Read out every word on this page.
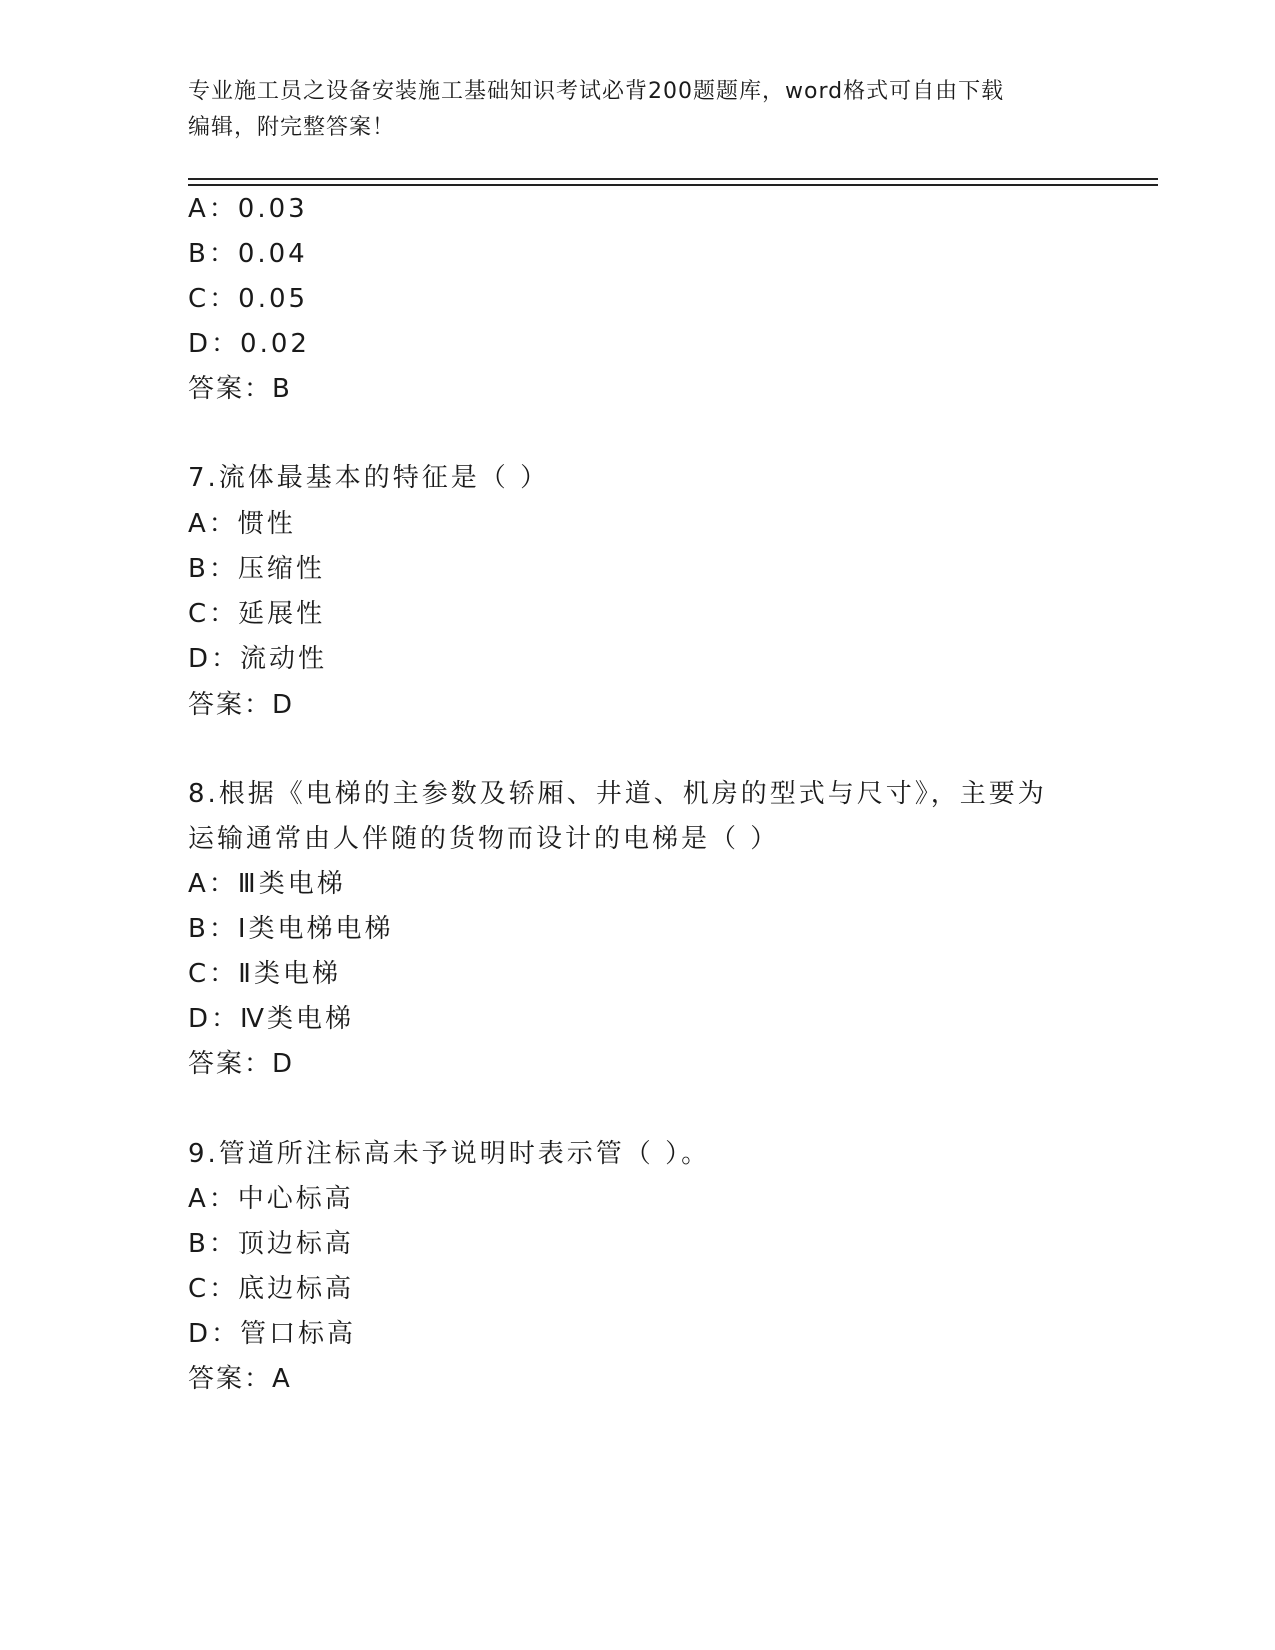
专业施工员之设备安装施工基础知识考试必背200题题库，word格式可自由下载
编辑，附完整答案！
A：0.03
B：0.04
C：0.05
D：0.02
答案：B
7.流体最基本的特征是（ ）
A：惯性
B：压缩性
C：延展性
D：流动性
答案：D
8.根据《电梯的主参数及轿厢、井道、机房的型式与尺寸》，主要为
运输通常由人伴随的货物而设计的电梯是（ ）
A：Ⅲ类电梯
B：Ⅰ类电梯电梯
C：Ⅱ类电梯
D：Ⅳ类电梯
答案：D
9.管道所注标高未予说明时表示管（ ）。
A：中心标高
B：顶边标高
C：底边标高
D：管口标高
答案：A
